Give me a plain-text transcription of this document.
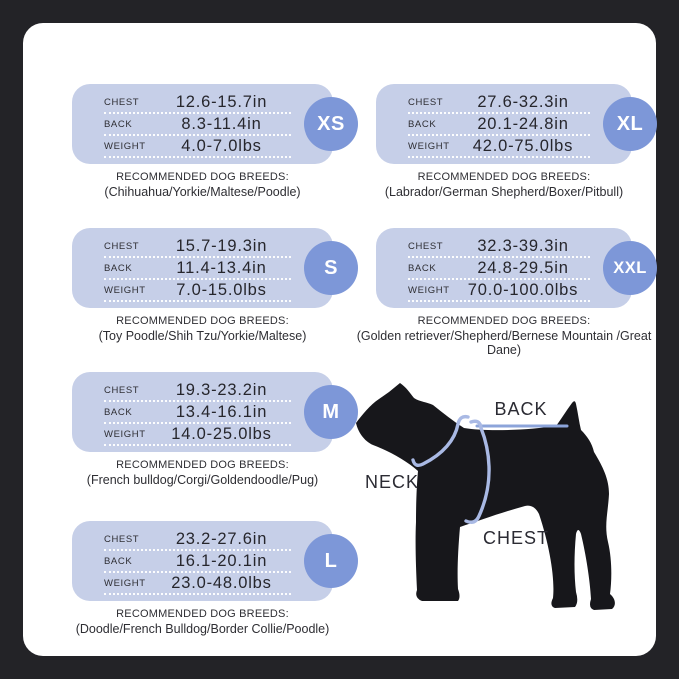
CHEST	12.6-15.7in
BACK	8.3-11.4in
WEIGHT	4.0-7.0lbs
XS
RECOMMENDED DOG BREEDS:
(Chihuahua/Yorkie/Maltese/Poodle)
CHEST	27.6-32.3in
BACK	20.1-24.8in
WEIGHT	42.0-75.0lbs
XL
RECOMMENDED DOG BREEDS:
(Labrador/German Shepherd/Boxer/Pitbull)
CHEST	15.7-19.3in
BACK	11.4-13.4in
WEIGHT	7.0-15.0lbs
S
RECOMMENDED DOG BREEDS:
(Toy Poodle/Shih Tzu/Yorkie/Maltese)
CHEST	32.3-39.3in
BACK	24.8-29.5in
WEIGHT	70.0-100.0lbs
XXL
RECOMMENDED DOG BREEDS:
(Golden retriever/Shepherd/Bernese Mountain /Great Dane)
CHEST	19.3-23.2in
BACK	13.4-16.1in
WEIGHT	14.0-25.0lbs
M
RECOMMENDED DOG BREEDS:
(French bulldog/Corgi/Goldendoodle/Pug)
CHEST	23.2-27.6in
BACK	16.1-20.1in
WEIGHT	23.0-48.0lbs
L
RECOMMENDED DOG BREEDS:
(Doodle/French Bulldog/Border Collie/Poodle)
BACK
NECK
CHEST
